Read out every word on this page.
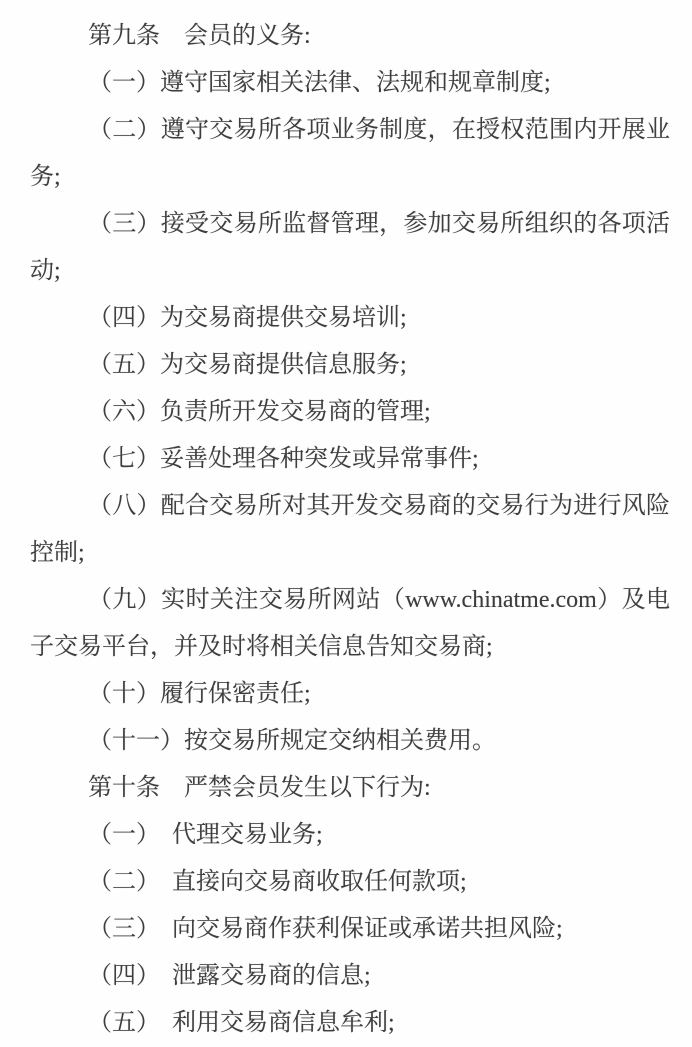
第九条　会员的义务:

（一）遵守国家相关法律、法规和规章制度;

（二）遵守交易所各项业务制度，在授权范围内开展业务;

（三）接受交易所监督管理，参加交易所组织的各项活动;

（四）为交易商提供交易培训;

（五）为交易商提供信息服务;

（六）负责所开发交易商的管理;

（七）妥善处理各种突发或异常事件;

（八）配合交易所对其开发交易商的交易行为进行风险控制;

（九）实时关注交易所网站（www.chinatme.com）及电子交易平台，并及时将相关信息告知交易商;

（十）履行保密责任;

（十一）按交易所规定交纳相关费用。

第十条　严禁会员发生以下行为:

（一）　代理交易业务;

（二）　直接向交易商收取任何款项;

（三）　向交易商作获利保证或承诺共担风险;

（四）　泄露交易商的信息;

（五）　利用交易商信息牟利;
